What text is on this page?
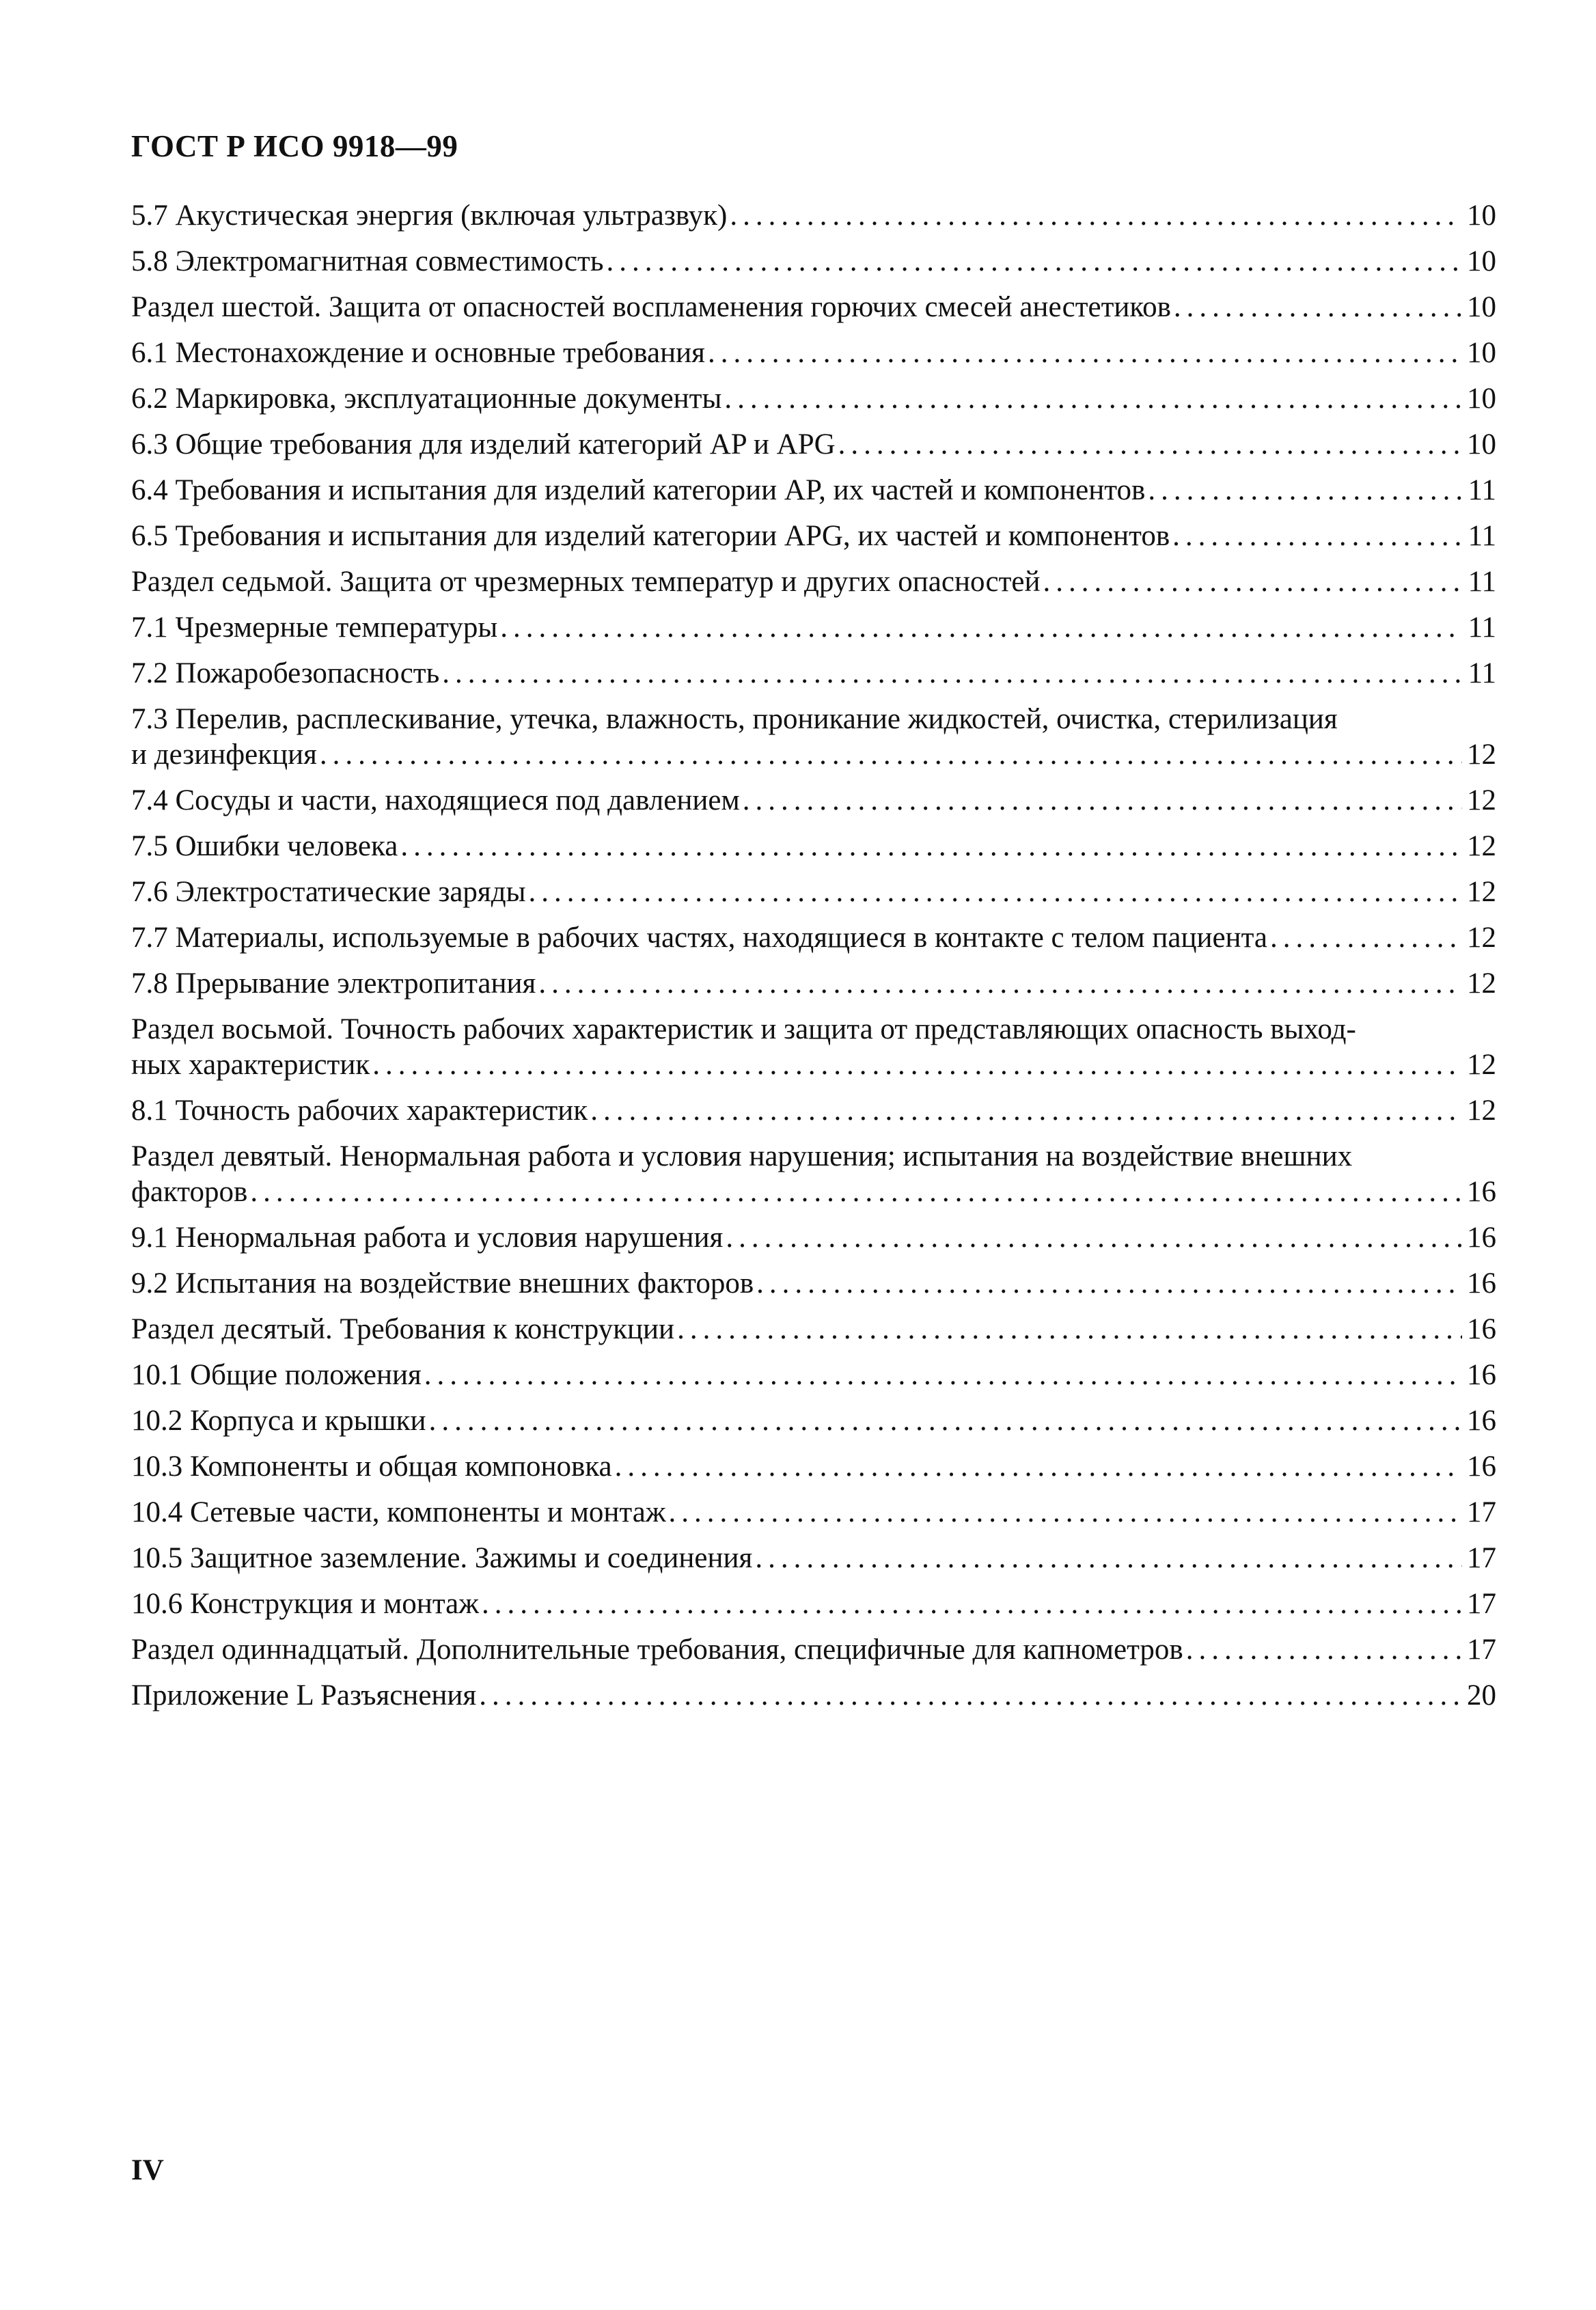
ГОСТ Р ИСО 9918—99
5.7 Акустическая энергия (включая ультразвук) .....	10
5.8 Электромагнитная совместимость .....	10
Раздел шестой. Защита от опасностей воспламенения горючих смесей анестетиков .....	10
6.1 Местонахождение и основные требования .....	10
6.2 Маркировка, эксплуатационные документы .....	10
6.3 Общие требования для изделий категорий AP и APG .....	10
6.4 Требования и испытания для изделий категории AP, их частей и компонентов .....	11
6.5 Требования и испытания для изделий категории APG, их частей и компонентов .....	11
Раздел седьмой. Защита от чрезмерных температур и других опасностей .....	11
7.1 Чрезмерные температуры .....	11
7.2 Пожаробезопасность .....	11
7.3 Перелив, расплескивание, утечка, влажность, проникание жидкостей, очистка, стерилизация
и дезинфекция .....	12
7.4 Сосуды и части, находящиеся под давлением .....	12
7.5 Ошибки человека .....	12
7.6 Электростатические заряды .....	12
7.7 Материалы, используемые в рабочих частях, находящиеся в контакте с телом пациента .....	12
7.8 Прерывание электропитания .....	12
Раздел восьмой. Точность рабочих характеристик и защита от представляющих опасность выход-
ных характеристик .....	12
8.1 Точность рабочих характеристик .....	12
Раздел девятый. Ненормальная работа и условия нарушения; испытания на воздействие внешних
факторов .....	16
9.1 Ненормальная работа и условия нарушения .....	16
9.2 Испытания на воздействие внешних факторов .....	16
Раздел десятый. Требования к конструкции .....	16
10.1 Общие положения .....	16
10.2 Корпуса и крышки .....	16
10.3 Компоненты и общая компоновка .....	16
10.4 Сетевые части, компоненты и монтаж .....	17
10.5 Защитное заземление. Зажимы и соединения .....	17
10.6 Конструкция и монтаж .....	17
Раздел одиннадцатый. Дополнительные требования, специфичные для капнометров .....	17
Приложение L Разъяснения .....	20
IV
